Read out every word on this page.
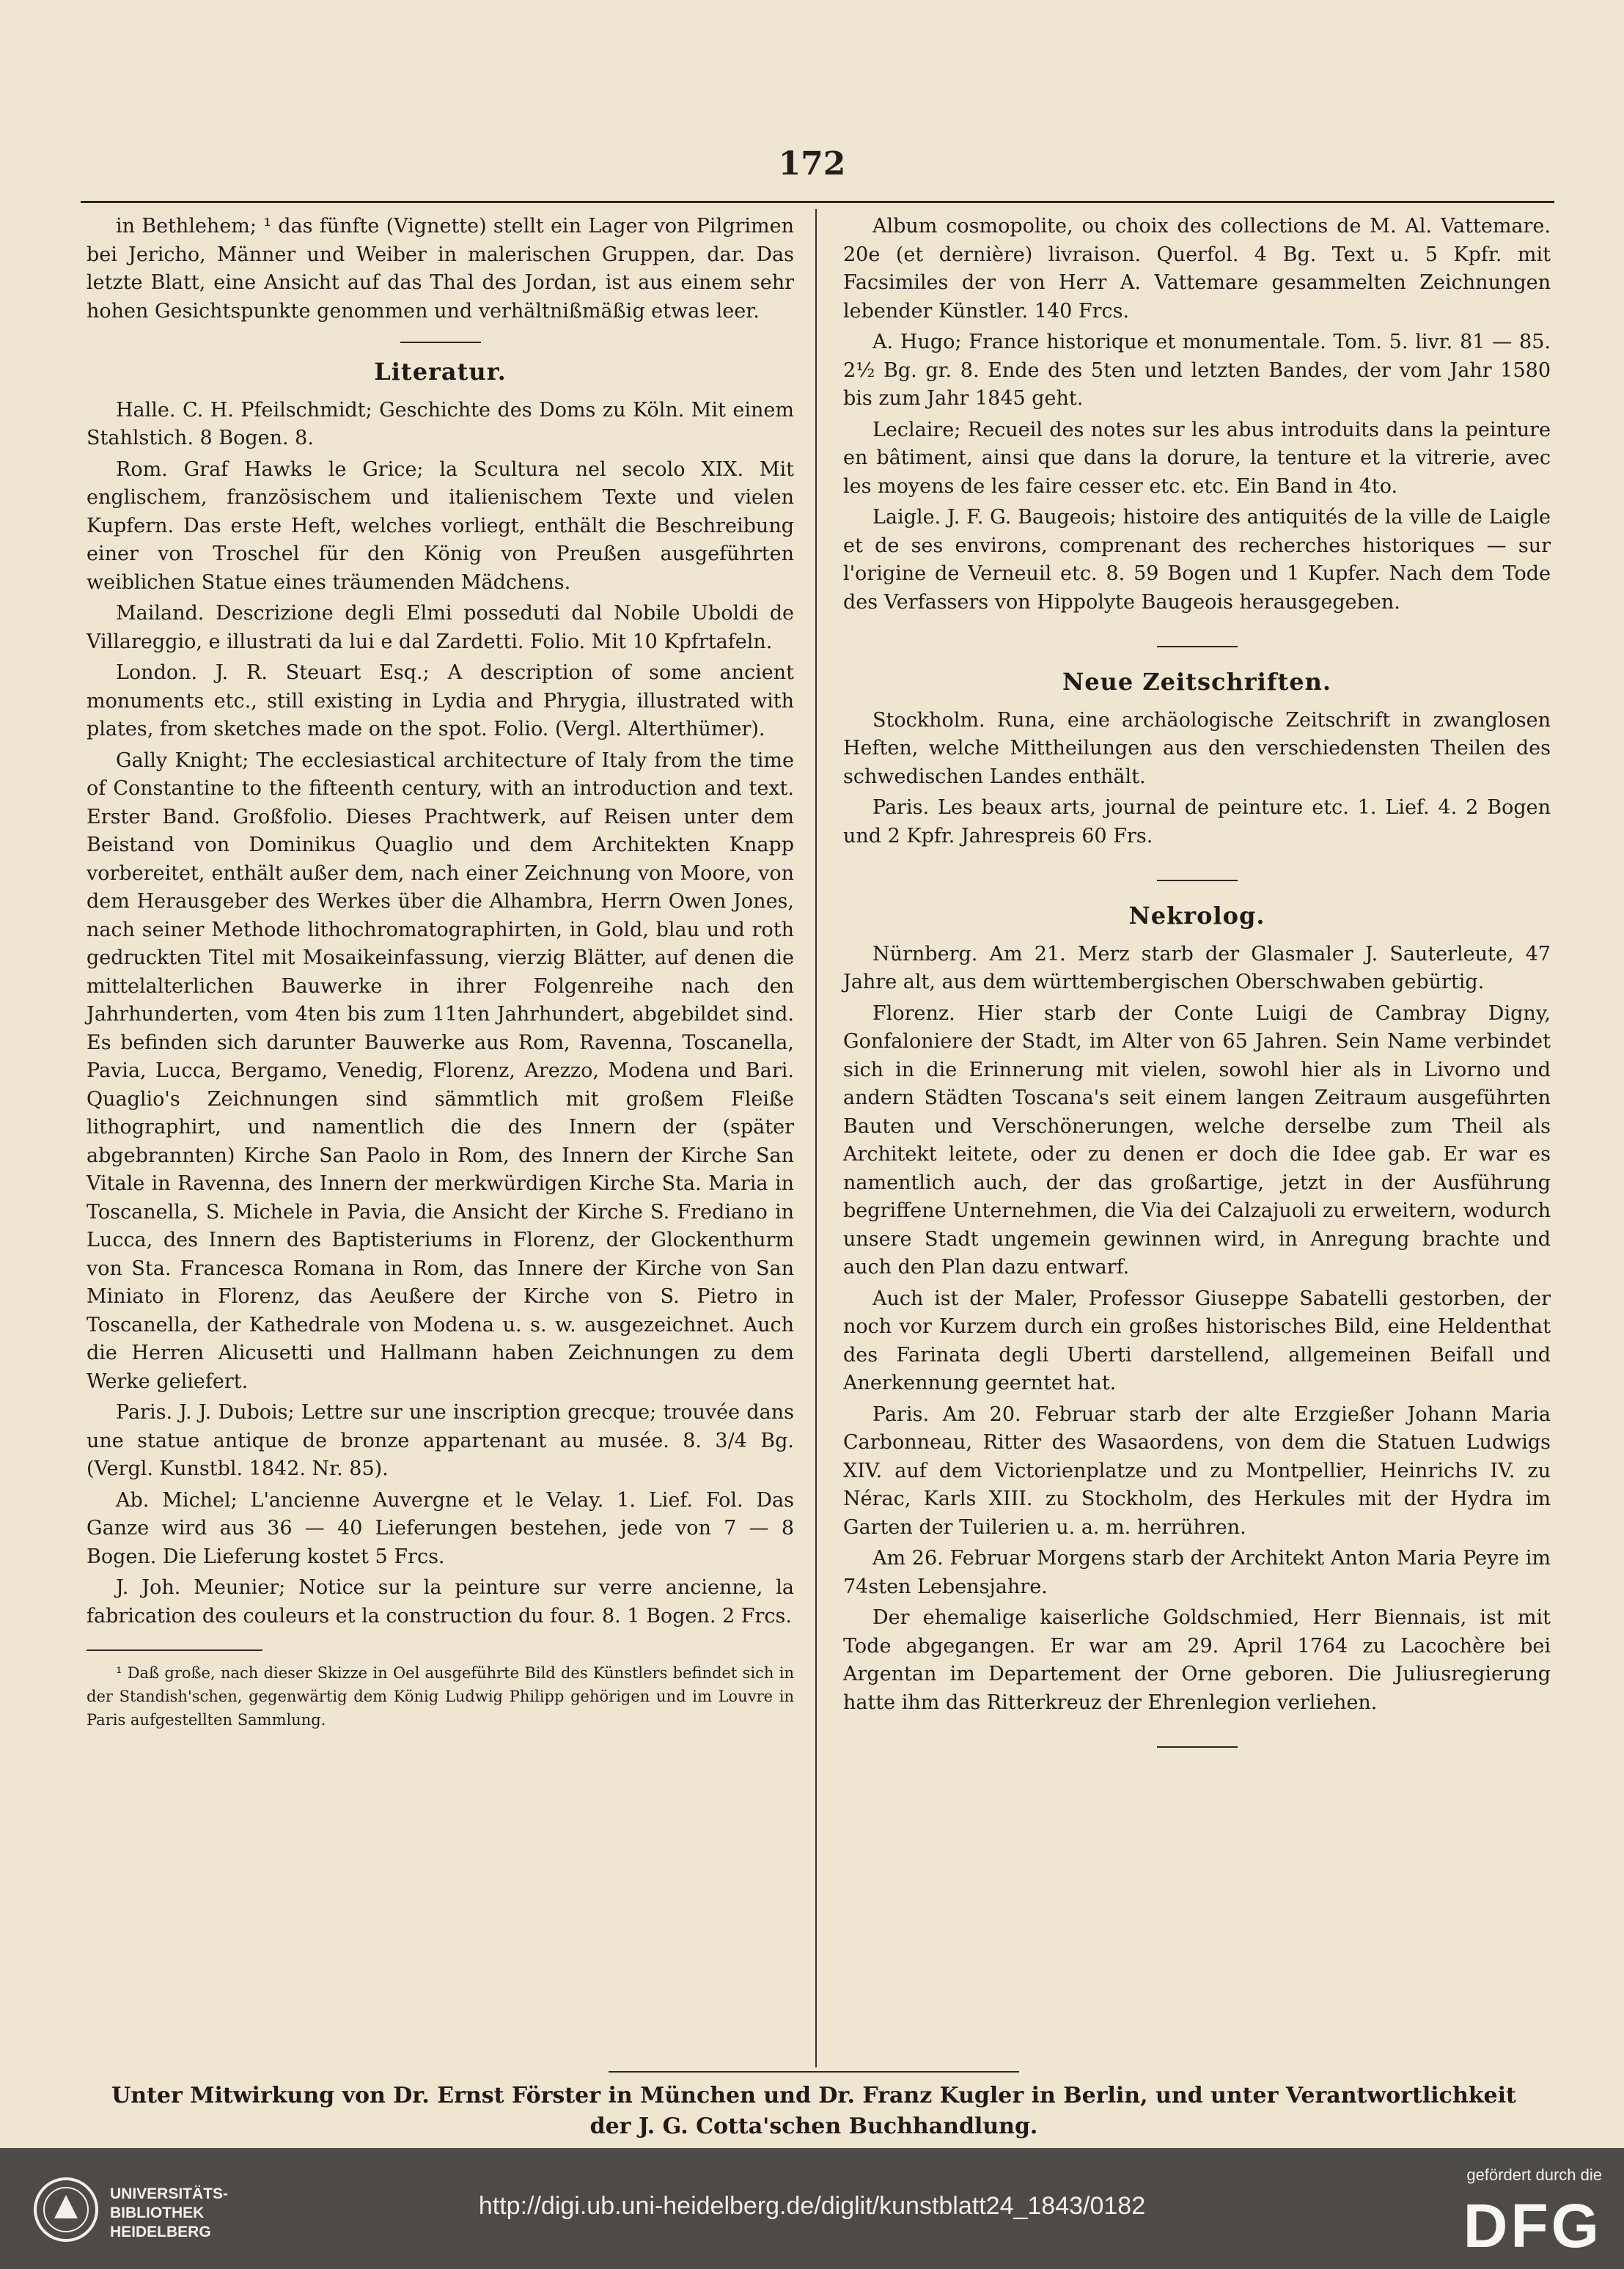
172

in Bethlehem; ¹ das fünfte (Vignette) stellt ein Lager von Pilgrimen bei Jericho, Männer und Weiber in malerischen Gruppen, dar. Das letzte Blatt, eine Ansicht auf das Thal des Jordan, ist aus einem sehr hohen Gesichtspunkte genommen und verhältnißmäßig etwas leer.

Literatur.

Halle. C. H. Pfeilschmidt; Geschichte des Doms zu Köln. Mit einem Stahlstich. 8 Bogen. 8.

Rom. Graf Hawks le Grice; la Scultura nel secolo XIX. Mit englischem, französischem und italienischem Texte und vielen Kupfern. Das erste Heft, welches vorliegt, enthält die Beschreibung einer von Troschel für den König von Preußen ausgeführten weiblichen Statue eines träumenden Mädchens.

Mailand. Descrizione degli Elmi posseduti dal Nobile Uboldi de Villareggio, e illustrati da lui e dal Zardetti. Folio. Mit 10 Kpfrtafeln.

London. J. R. Steuart Esq.; A description of some ancient monuments etc., still existing in Lydia and Phrygia, illustrated with plates, from sketches made on the spot. Folio. (Vergl. Alterthümer).

Gally Knight; The ecclesiastical architecture of Italy from the time of Constantine to the fifteenth century, with an introduction and text. Erster Band. Großfolio. Dieses Prachtwerk, auf Reisen unter dem Beistand von Dominikus Quaglio und dem Architekten Knapp vorbereitet, enthält außer dem, nach einer Zeichnung von Moore, von dem Herausgeber des Werkes über die Alhambra, Herrn Owen Jones, nach seiner Methode lithochromatographirten, in Gold, blau und roth gedruckten Titel mit Mosaikeinfassung, vierzig Blätter, auf denen die mittelalterlichen Bauwerke in ihrer Folgenreihe nach den Jahrhunderten, vom 4ten bis zum 11ten Jahrhundert, abgebildet sind. Es befinden sich darunter Bauwerke aus Rom, Ravenna, Toscanella, Pavia, Lucca, Bergamo, Venedig, Florenz, Arezzo, Modena und Bari. Quaglio's Zeichnungen sind sämmtlich mit großem Fleiße lithographirt, und namentlich die des Innern der (später abgebrannten) Kirche San Paolo in Rom, des Innern der Kirche San Vitale in Ravenna, des Innern der merkwürdigen Kirche Sta. Maria in Toscanella, S. Michele in Pavia, die Ansicht der Kirche S. Frediano in Lucca, des Innern des Baptisteriums in Florenz, der Glockenthurm von Sta. Francesca Romana in Rom, das Innere der Kirche von San Miniato in Florenz, das Aeußere der Kirche von S. Pietro in Toscanella, der Kathedrale von Modena u. s. w. ausgezeichnet. Auch die Herren Alicusetti und Hallmann haben Zeichnungen zu dem Werke geliefert.

Paris. J. J. Dubois; Lettre sur une inscription grecque; trouvée dans une statue antique de bronze appartenant au musée. 8. 3/4 Bg. (Vergl. Kunstbl. 1842. Nr. 85).

Ab. Michel; L'ancienne Auvergne et le Velay. 1. Lief. Fol. Das Ganze wird aus 36 — 40 Lieferungen bestehen, jede von 7 — 8 Bogen. Die Lieferung kostet 5 Frcs.

J. Joh. Meunier; Notice sur la peinture sur verre ancienne, la fabrication des couleurs et la construction du four. 8. 1 Bogen. 2 Frcs.

¹ Daß große, nach dieser Skizze in Oel ausgeführte Bild des Künstlers befindet sich in der Standish'schen, gegenwärtig dem König Ludwig Philipp gehörigen und im Louvre in Paris aufgestellten Sammlung.

Album cosmopolite, ou choix des collections de M. Al. Vattemare. 20e (et dernière) livraison. Querfol. 4 Bg. Text u. 5 Kpfr. mit Facsimiles der von Herr A. Vattemare gesammelten Zeichnungen lebender Künstler. 140 Frcs.

A. Hugo; France historique et monumentale. Tom. 5. livr. 81 — 85. 2½ Bg. gr. 8. Ende des 5ten und letzten Bandes, der vom Jahr 1580 bis zum Jahr 1845 geht.

Leclaire; Recueil des notes sur les abus introduits dans la peinture en bâtiment, ainsi que dans la dorure, la tenture et la vitrerie, avec les moyens de les faire cesser etc. etc. Ein Band in 4to.

Laigle. J. F. G. Baugeois; histoire des antiquités de la ville de Laigle et de ses environs, comprenant des recherches historiques — sur l'origine de Verneuil etc. 8. 59 Bogen und 1 Kupfer. Nach dem Tode des Verfassers von Hippolyte Baugeois herausgegeben.

Neue Zeitschriften.

Stockholm. Runa, eine archäologische Zeitschrift in zwanglosen Heften, welche Mittheilungen aus den verschiedensten Theilen des schwedischen Landes enthält.

Paris. Les beaux arts, journal de peinture etc. 1. Lief. 4. 2 Bogen und 2 Kpfr. Jahrespreis 60 Frs.

Nekrolog.

Nürnberg. Am 21. Merz starb der Glasmaler J. Sauterleute, 47 Jahre alt, aus dem württembergischen Oberschwaben gebürtig.

Florenz. Hier starb der Conte Luigi de Cambray Digny, Gonfaloniere der Stadt, im Alter von 65 Jahren. Sein Name verbindet sich in die Erinnerung mit vielen, sowohl hier als in Livorno und andern Städten Toscana's seit einem langen Zeitraum ausgeführten Bauten und Verschönerungen, welche derselbe zum Theil als Architekt leitete, oder zu denen er doch die Idee gab. Er war es namentlich auch, der das großartige, jetzt in der Ausführung begriffene Unternehmen, die Via dei Calzajuoli zu erweitern, wodurch unsere Stadt ungemein gewinnen wird, in Anregung brachte und auch den Plan dazu entwarf.

Auch ist der Maler, Professor Giuseppe Sabatelli gestorben, der noch vor Kurzem durch ein großes historisches Bild, eine Heldenthat des Farinata degli Uberti darstellend, allgemeinen Beifall und Anerkennung geerntet hat.

Paris. Am 20. Februar starb der alte Erzgießer Johann Maria Carbonneau, Ritter des Wasaordens, von dem die Statuen Ludwigs XIV. auf dem Victorienplatze und zu Montpellier, Heinrichs IV. zu Nérac, Karls XIII. zu Stockholm, des Herkules mit der Hydra im Garten der Tuilerien u. a. m. herrühren.

Am 26. Februar Morgens starb der Architekt Anton Maria Peyre im 74sten Lebensjahre.

Der ehemalige kaiserliche Goldschmied, Herr Biennais, ist mit Tode abgegangen. Er war am 29. April 1764 zu Lacochère bei Argentan im Departement der Orne geboren. Die Juliusregierung hatte ihm das Ritterkreuz der Ehrenlegion verliehen.

Unter Mitwirkung von Dr. Ernst Förster in München und Dr. Franz Kugler in Berlin, und unter Verantwortlichkeit
der J. G. Cotta'schen Buchhandlung.
UNIVERSITÄTS-
BIBLIOTHEK
HEIDELBERG
http://digi.ub.uni-heidelberg.de/diglit/kunstblatt24_1843/0182
gefördert durch die
DFG
